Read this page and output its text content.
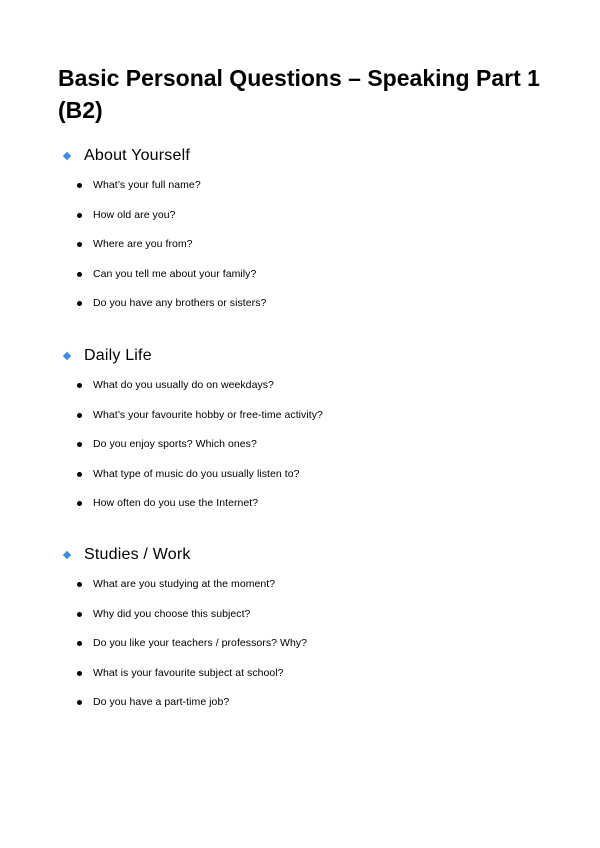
Basic Personal Questions – Speaking Part 1 (B2)
About Yourself
What’s your full name?
How old are you?
Where are you from?
Can you tell me about your family?
Do you have any brothers or sisters?
Daily Life
What do you usually do on weekdays?
What’s your favourite hobby or free-time activity?
Do you enjoy sports? Which ones?
What type of music do you usually listen to?
How often do you use the Internet?
Studies / Work
What are you studying at the moment?
Why did you choose this subject?
Do you like your teachers / professors? Why?
What is your favourite subject at school?
Do you have a part-time job?
